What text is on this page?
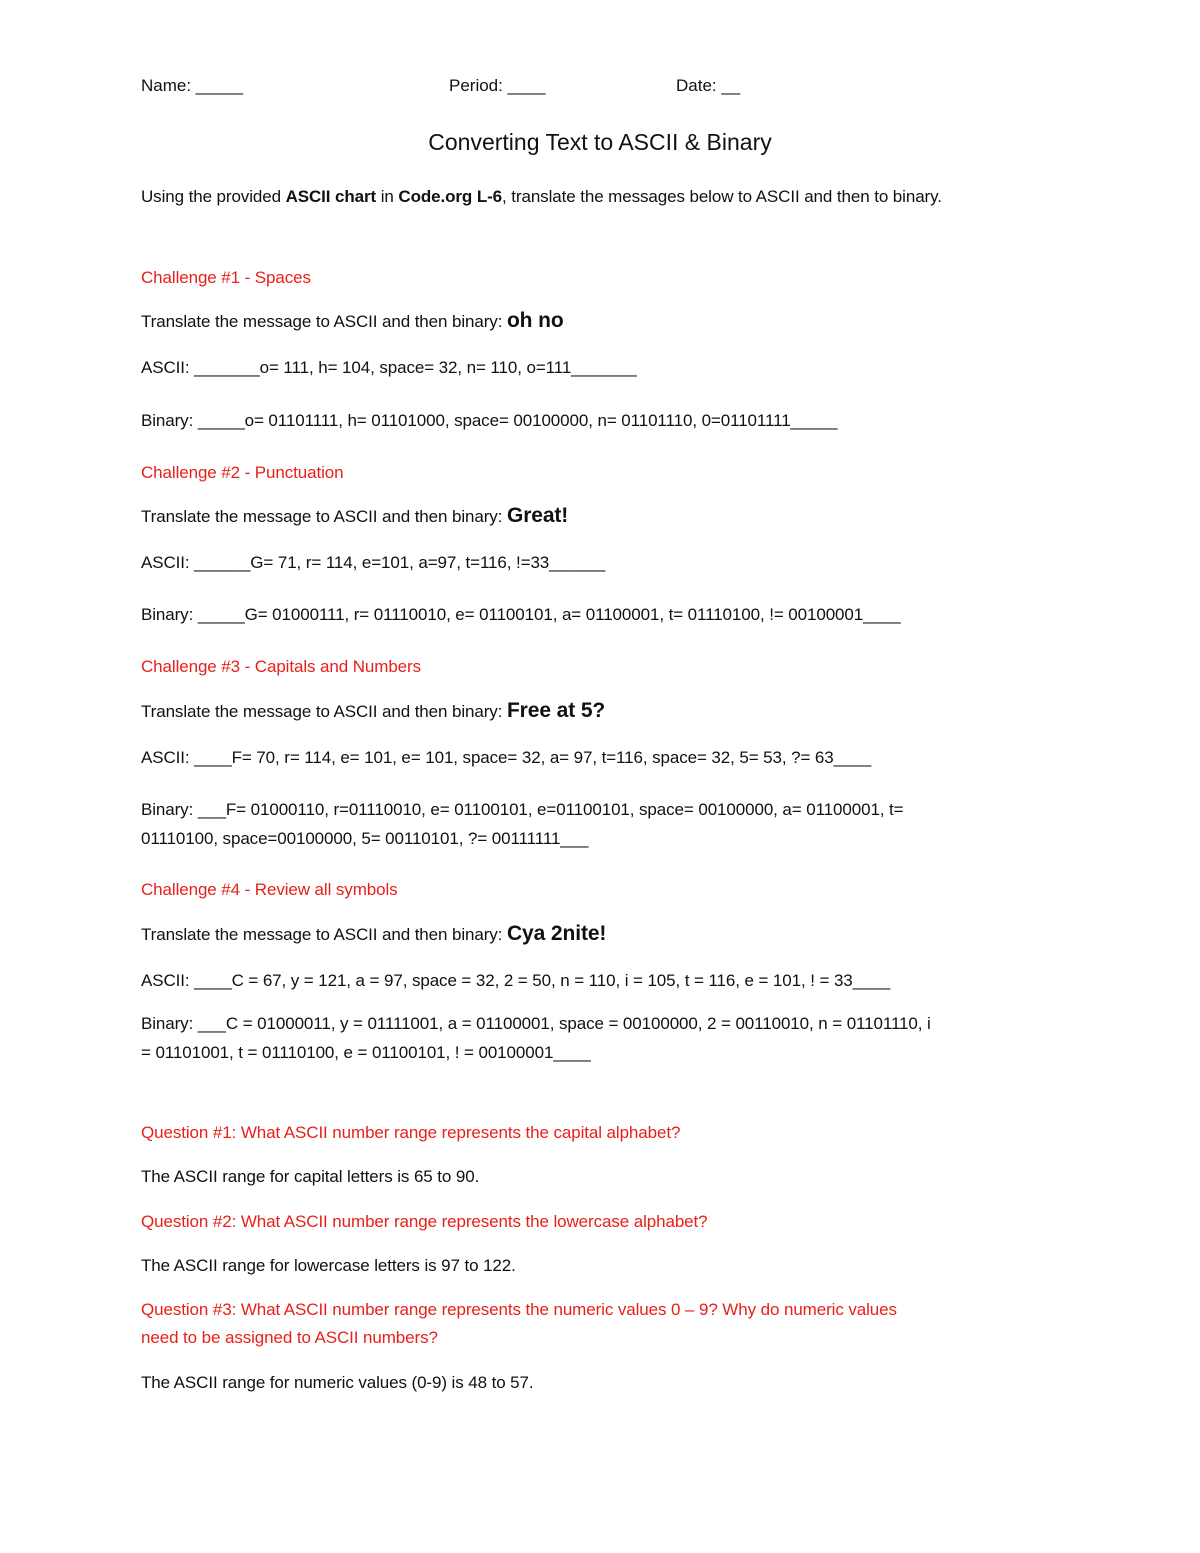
Name: _____	Period: ____	Date: __
Converting Text to ASCII & Binary
Using the provided ASCII chart in Code.org L-6, translate the messages below to ASCII and then to binary.
Challenge #1 - Spaces
Translate the message to ASCII and then binary: oh no
ASCII: _______o= 111, h= 104, space= 32, n= 110, o=111_______
Binary: _____o= 01101111, h= 01101000, space= 00100000, n= 01101110, 0=01101111_____
Challenge #2 - Punctuation
Translate the message to ASCII and then binary: Great!
ASCII: ______G= 71, r= 114, e=101, a=97, t=116, !=33______
Binary: _____G= 01000111, r= 01110010, e= 01100101, a= 01100001, t= 01110100, != 00100001____
Challenge #3 - Capitals and Numbers
Translate the message to ASCII and then binary: Free at 5?
ASCII: ____F= 70, r= 114, e= 101, e= 101, space= 32, a= 97, t=116, space= 32, 5= 53, ?= 63____
Binary: ___F= 01000110, r=01110010, e= 01100101, e=01100101, space= 00100000, a= 01100001, t=
01110100, space=00100000, 5= 00110101, ?= 00111111___
Challenge #4 - Review all symbols
Translate the message to ASCII and then binary: Cya 2nite!
ASCII: ____C = 67, y = 121, a = 97, space = 32, 2 = 50, n = 110, i = 105, t = 116, e = 101, ! = 33____
Binary: ___C = 01000011, y = 01111001, a = 01100001, space = 00100000, 2 = 00110010, n = 01101110, i
= 01101001, t = 01110100, e = 01100101, ! = 00100001____
Question #1: What ASCII number range represents the capital alphabet?
The ASCII range for capital letters is 65 to 90.
Question #2: What ASCII number range represents the lowercase alphabet?
The ASCII range for lowercase letters is 97 to 122.
Question #3: What ASCII number range represents the numeric values 0 – 9? Why do numeric values
need to be assigned to ASCII numbers?
The ASCII range for numeric values (0-9) is 48 to 57.
